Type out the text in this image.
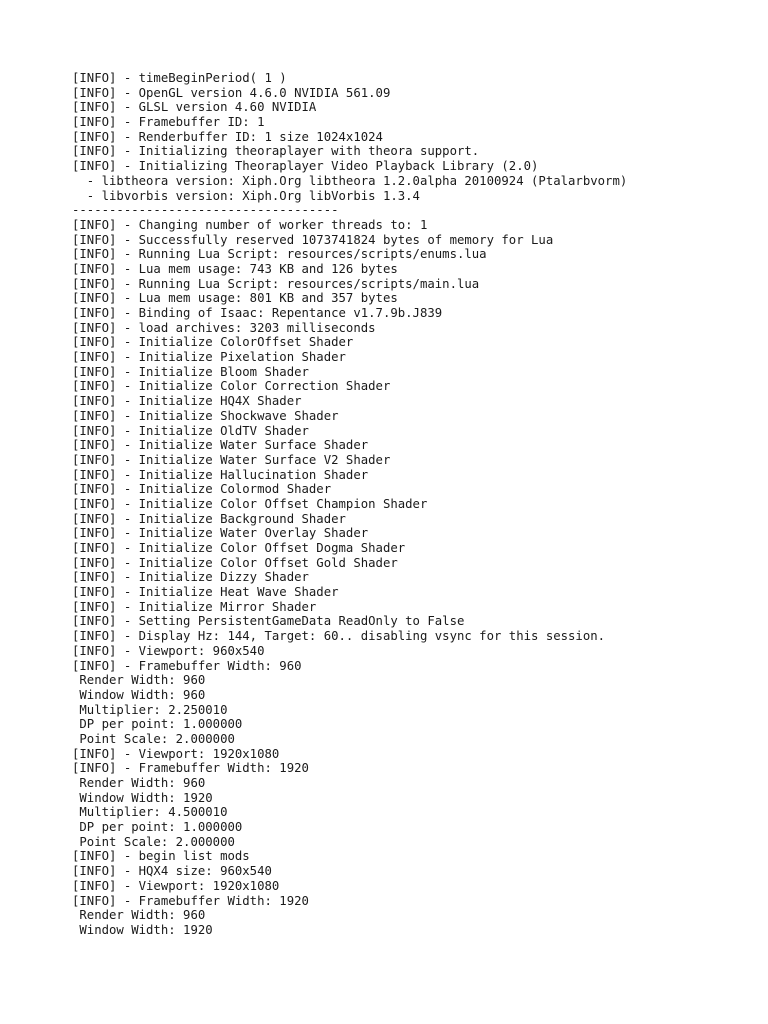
[INFO] - timeBeginPeriod( 1 )
[INFO] - OpenGL version 4.6.0 NVIDIA 561.09
[INFO] - GLSL version 4.60 NVIDIA
[INFO] - Framebuffer ID: 1
[INFO] - Renderbuffer ID: 1 size 1024x1024
[INFO] - Initializing theoraplayer with theora support.
[INFO] - Initializing Theoraplayer Video Playback Library (2.0)
- libtheora version: Xiph.Org libtheora 1.2.0alpha 20100924 (Ptalarbvorm)
- libvorbis version: Xiph.Org libVorbis 1.3.4
------------------------------------
[INFO] - Changing number of worker threads to: 1
[INFO] - Successfully reserved 1073741824 bytes of memory for Lua
[INFO] - Running Lua Script: resources/scripts/enums.lua
[INFO] - Lua mem usage: 743 KB and 126 bytes
[INFO] - Running Lua Script: resources/scripts/main.lua
[INFO] - Lua mem usage: 801 KB and 357 bytes
[INFO] - Binding of Isaac: Repentance v1.7.9b.J839
[INFO] - load archives: 3203 milliseconds
[INFO] - Initialize ColorOffset Shader
[INFO] - Initialize Pixelation Shader
[INFO] - Initialize Bloom Shader
[INFO] - Initialize Color Correction Shader
[INFO] - Initialize HQ4X Shader
[INFO] - Initialize Shockwave Shader
[INFO] - Initialize OldTV Shader
[INFO] - Initialize Water Surface Shader
[INFO] - Initialize Water Surface V2 Shader
[INFO] - Initialize Hallucination Shader
[INFO] - Initialize Colormod Shader
[INFO] - Initialize Color Offset Champion Shader
[INFO] - Initialize Background Shader
[INFO] - Initialize Water Overlay Shader
[INFO] - Initialize Color Offset Dogma Shader
[INFO] - Initialize Color Offset Gold Shader
[INFO] - Initialize Dizzy Shader
[INFO] - Initialize Heat Wave Shader
[INFO] - Initialize Mirror Shader
[INFO] - Setting PersistentGameData ReadOnly to False
[INFO] - Display Hz: 144, Target: 60.. disabling vsync for this session.
[INFO] - Viewport: 960x540
[INFO] - Framebuffer Width: 960
Render Width: 960
Window Width: 960
Multiplier: 2.250010
DP per point: 1.000000
Point Scale: 2.000000
[INFO] - Viewport: 1920x1080
[INFO] - Framebuffer Width: 1920
Render Width: 960
Window Width: 1920
Multiplier: 4.500010
DP per point: 1.000000
Point Scale: 2.000000
[INFO] - begin list mods
[INFO] - HQX4 size: 960x540
[INFO] - Viewport: 1920x1080
[INFO] - Framebuffer Width: 1920
Render Width: 960
Window Width: 1920
